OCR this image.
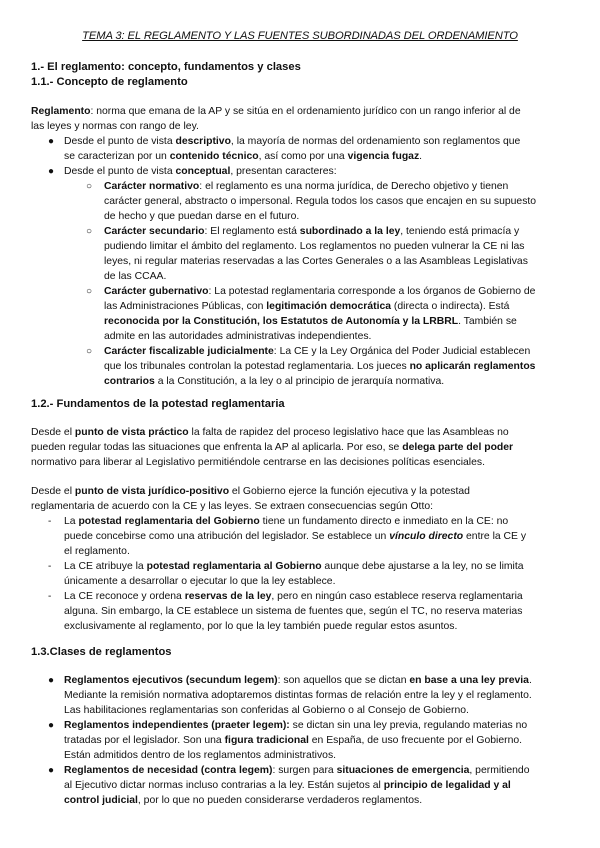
TEMA 3: EL REGLAMENTO Y LAS FUENTES SUBORDINADAS DEL ORDENAMIENTO
1.- El reglamento: concepto, fundamentos y clases
1.1.- Concepto de reglamento
Reglamento: norma que emana de la AP y se sitúa en el ordenamiento jurídico con un rango inferior al de
las leyes y normas con rango de ley.
● Desde el punto de vista descriptivo, la mayoría de normas del ordenamiento son reglamentos que
se caracterizan por un contenido técnico, así como por una vigencia fugaz.
● Desde el punto de vista conceptual, presentan caracteres:
○ Carácter normativo: el reglamento es una norma jurídica, de Derecho objetivo y tienen
carácter general, abstracto o impersonal. Regula todos los casos que encajen en su supuesto
de hecho y que puedan darse en el futuro.
○ Carácter secundario: El reglamento está subordinado a la ley, teniendo está primacía y
pudiendo limitar el ámbito del reglamento. Los reglamentos no pueden vulnerar la CE ni las
leyes, ni regular materias reservadas a las Cortes Generales o a las Asambleas Legislativas
de las CCAA.
○ Carácter gubernativo: La potestad reglamentaria corresponde a los órganos de Gobierno de
las Administraciones Públicas, con legitimación democrática (directa o indirecta). Está
reconocida por la Constitución, los Estatutos de Autonomía y la LRBRL. También se
admite en las autoridades administrativas independientes.
○ Carácter fiscalizable judicialmente: La CE y la Ley Orgánica del Poder Judicial establecen
que los tribunales controlan la potestad reglamentaria. Los jueces no aplicarán reglamentos
contrarios a la Constitución, a la ley o al principio de jerarquía normativa.
1.2.- Fundamentos de la potestad reglamentaria
Desde el punto de vista práctico la falta de rapidez del proceso legislativo hace que las Asambleas no
pueden regular todas las situaciones que enfrenta la AP al aplicarla. Por eso, se delega parte del poder
normativo para liberar al Legislativo permitiéndole centrarse en las decisiones políticas esenciales.
Desde el punto de vista jurídico-positivo el Gobierno ejerce la función ejecutiva y la potestad
reglamentaria de acuerdo con la CE y las leyes. Se extraen consecuencias según Otto:
- La potestad reglamentaria del Gobierno tiene un fundamento directo e inmediato en la CE: no
puede concebirse como una atribución del legislador. Se establece un vínculo directo entre la CE y
el reglamento.
- La CE atribuye la potestad reglamentaria al Gobierno aunque debe ajustarse a la ley, no se limita
únicamente a desarrollar o ejecutar lo que la ley establece.
- La CE reconoce y ordena reservas de la ley, pero en ningún caso establece reserva reglamentaria
alguna. Sin embargo, la CE establece un sistema de fuentes que, según el TC, no reserva materias
exclusivamente al reglamento, por lo que la ley también puede regular estos asuntos.
1.3.Clases de reglamentos
● Reglamentos ejecutivos (secundum legem): son aquellos que se dictan en base a una ley previa.
Mediante la remisión normativa adoptaremos distintas formas de relación entre la ley y el reglamento.
Las habilitaciones reglamentarias son conferidas al Gobierno o al Consejo de Gobierno.
● Reglamentos independientes (praeter legem): se dictan sin una ley previa, regulando materias no
tratadas por el legislador. Son una figura tradicional en España, de uso frecuente por el Gobierno.
Están admitidos dentro de los reglamentos administrativos.
● Reglamentos de necesidad (contra legem): surgen para situaciones de emergencia, permitiendo
al Ejecutivo dictar normas incluso contrarias a la ley. Están sujetos al principio de legalidad y al
control judicial, por lo que no pueden considerarse verdaderos reglamentos.
